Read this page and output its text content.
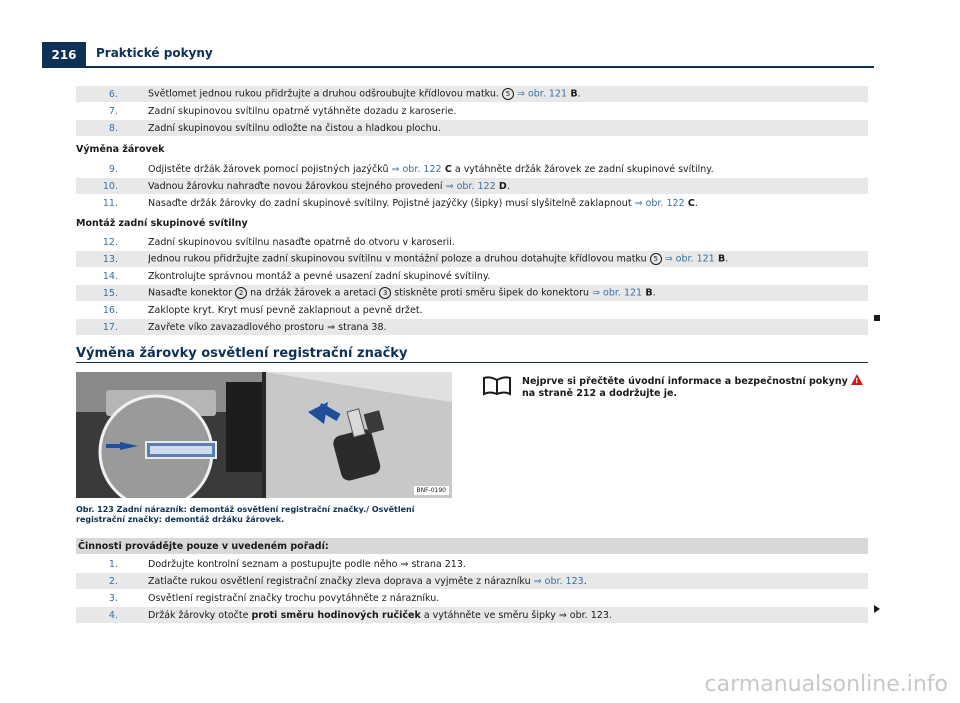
216	Praktické pokyny
6.	Světlomet jednou rukou přidržujte a druhou odšroubujte křídlovou matku. 5 ⇒ obr. 121 B.
7.	Zadní skupinovou svítilnu opatrně vytáhněte dozadu z karoserie.
8.	Zadní skupinovou svítilnu odložte na čistou a hladkou plochu.
Výměna žárovek
9.	Odjistěte držák žárovek pomocí pojistných jazýčků ⇒ obr. 122 C a vytáhněte držák žárovek ze zadní skupinové svítilny.
10.	Vadnou žárovku nahraďte novou žárovkou stejného provedení ⇒ obr. 122 D.
11.	Nasaďte držák žárovky do zadní skupinové svítilny. Pojistné jazýčky (šipky) musí slyšitelně zaklapnout ⇒ obr. 122 C.
Montáž zadní skupinové svítilny
12.	Zadní skupinovou svítilnu nasaďte opatrně do otvoru v karoserii.
13.	Jednou rukou přidržujte zadní skupinovou svítilnu v montážní poloze a druhou dotahujte křídlovou matku 5 ⇒ obr. 121 B.
14.	Zkontrolujte správnou montáž a pevné usazení zadní skupinové svítilny.
15.	Nasaďte konektor 2 na držák žárovek a aretaci 3 stiskněte proti směru šipek do konektoru ⇒ obr. 121 B.
16.	Zaklopte kryt. Kryt musí pevně zaklapnout a pevně držet.
17.	Zavřete víko zavazadlového prostoru ⇒ strana 38.
Výměna žárovky osvětlení registrační značky
BNF-0190
Obr. 123 Zadní nárazník: demontáž osvětlení registrační značky./ Osvětlení registrační značky: demontáž držáku žárovek.
Nejprve si přečtěte úvodní informace a bezpečnostní pokyny ! na straně 212 a dodržujte je.
Činnosti provádějte pouze v uvedeném pořadí:
1.	Dodržujte kontrolní seznam a postupujte podle něho ⇒ strana 213.
2.	Zatlačte rukou osvětlení registrační značky zleva doprava a vyjměte z nárazníku ⇒ obr. 123.
3.	Osvětlení registrační značky trochu povytáhněte z nárazníku.
4.	Držák žárovky otočte proti směru hodinových ručiček a vytáhněte ve směru šipky ⇒ obr. 123.
carmanualsonline.info
